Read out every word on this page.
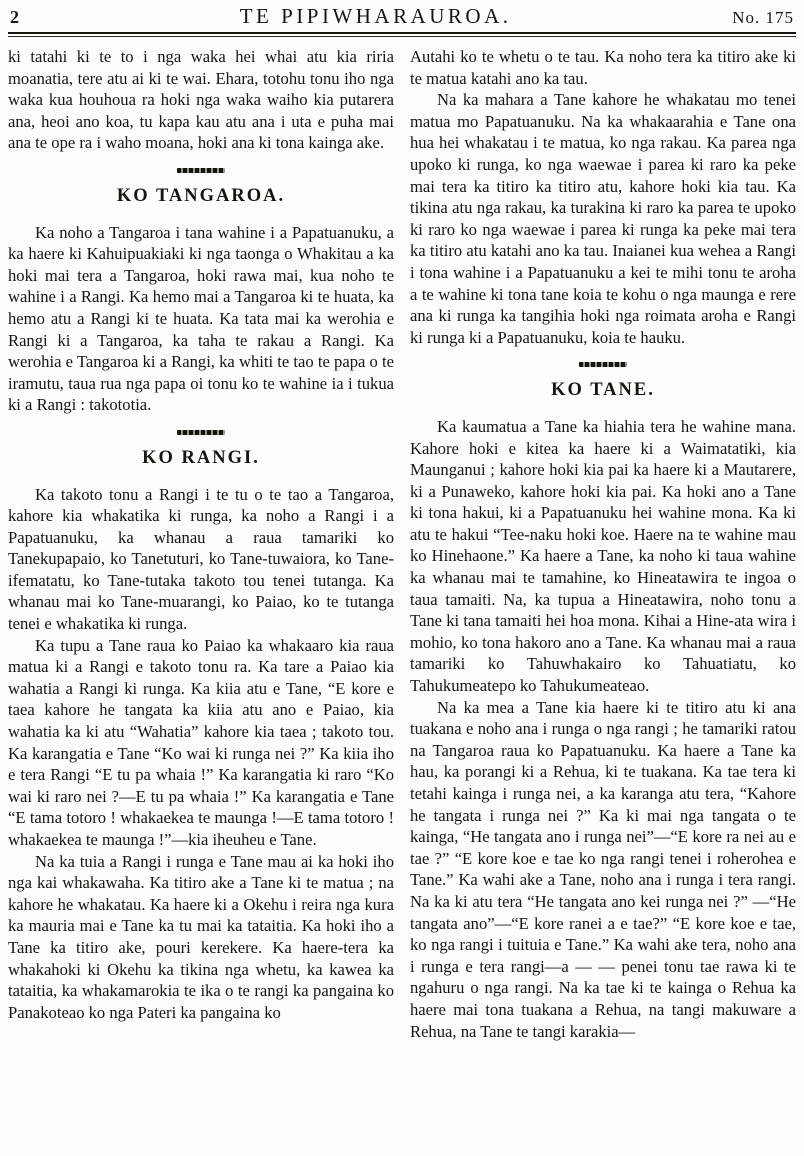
2	TE PIPIWHARAUROA.	No. 175

ki tatahi ki te to i nga waka hei whai atu kia riria moanatia, tere atu ai ki te wai. Ehara, totohu tonu iho nga waka kua houhoua ra hoki nga waka waiho kia putarera ana, heoi ano koa, tu kapa kau atu ana i uta e puha mai ana te ope ra i waho moana, hoki ana ki tona kainga ake.

KO TANGAROA.

Ka noho a Tangaroa i tana wahine i a Papatuanuku, a ka haere ki Kahuipuakiaki ki nga taonga o Whakitau a ka hoki mai tera a Tangaroa, hoki rawa mai, kua noho te wahine i a Rangi. Ka hemo mai a Tangaroa ki te huata, ka hemo atu a Rangi ki te huata. Ka tata mai ka werohia e Rangi ki a Tangaroa, ka taha te rakau a Rangi. Ka werohia e Tangaroa ki a Rangi, ka whiti te tao te papa o te iramutu, taua rua nga papa oi tonu ko te wahine ia i tukua ki a Rangi : takototia.

KO RANGI.

Ka takoto tonu a Rangi i te tu o te tao a Tangaroa, kahore kia whakatika ki runga, ka noho a Rangi i a Papatuanuku, ka whanau a raua tamariki ko Tanekupapaio, ko Tanetuturi, ko Tane-tuwaiora, ko Tane-ifematatu, ko Tane-tutaka takoto tou tenei tutanga. Ka whanau mai ko Tane-muarangi, ko Paiao, ko te tutanga tenei e whakatika ki runga.

Ka tupu a Tane raua ko Paiao ka whakaaro kia raua matua ki a Rangi e takoto tonu ra. Ka tare a Paiao kia wahatia a Rangi ki runga. Ka kiia atu e Tane, “E kore e taea kahore he tangata ka kiia atu ano e Paiao, kia wahatia ka ki atu “Wahatia” kahore kia taea ; takoto tou. Ka karangatia e Tane “Ko wai ki runga nei ?” Ka kiia iho e tera Rangi “E tu pa whaia !” Ka karangatia ki raro “Ko wai ki raro nei ?—E tu pa whaia !” Ka karangatia e Tane “E tama totoro ! whakaekea te maunga !—E tama totoro ! whakaekea te maunga !”—kia iheuheu e Tane.

Na ka tuia a Rangi i runga e Tane mau ai ka hoki iho nga kai whakawaha. Ka titiro ake a Tane ki te matua ; na kahore he whakatau. Ka haere ki a Okehu i reira nga kura ka mauria mai e Tane ka tu mai ka tataitia. Ka hoki iho a Tane ka titiro ake, pouri kerekere. Ka haere-tera ka whakahoki ki Okehu ka tikina nga whetu, ka kawea ka tataitia, ka whakamarokia te ika o te rangi ka pangaina ko Panakoteao ko nga Pateri ka pangaina ko

Autahi ko te whetu o te tau. Ka noho tera ka titiro ake ki te matua katahi ano ka tau.

Na ka mahara a Tane kahore he whakatau mo tenei matua mo Papatuanuku. Na ka whakaarahia e Tane ona hua hei whakatau i te matua, ko nga rakau. Ka parea nga upoko ki runga, ko nga waewae i parea ki raro ka peke mai tera ka titiro ka titiro atu, kahore hoki kia tau. Ka tikina atu nga rakau, ka turakina ki raro ka parea te upoko ki raro ko nga waewae i parea ki runga ka peke mai tera ka titiro atu katahi ano ka tau. Inaianei kua wehea a Rangi i tona wahine i a Papatuanuku a kei te mihi tonu te aroha a te wahine ki tona tane koia te kohu o nga maunga e rere ana ki runga ka tangihia hoki nga roimata aroha e Rangi ki runga ki a Papatuanuku, koia te hauku.

KO TANE.

Ka kaumatua a Tane ka hiahia tera he wahine mana. Kahore hoki e kitea ka haere ki a Waimatatiki, kia Maunganui ; kahore hoki kia pai ka haere ki a Mautarere, ki a Punaweko, kahore hoki kia pai. Ka hoki ano a Tane ki tona hakui, ki a Papatuanuku hei wahine mona. Ka ki atu te hakui “Tee-naku hoki koe. Haere na te wahine mau ko Hinehaone.” Ka haere a Tane, ka noho ki taua wahine ka whanau mai te tamahine, ko Hineatawira te ingoa o taua tamaiti. Na, ka tupua a Hineatawira, noho tonu a Tane ki tana tamaiti hei hoa mona. Kihai a Hine-ata wira i mohio, ko tona hakoro ano a Tane. Ka whanau mai a raua tamariki ko Tahuwhakairo ko Tahuatiatu, ko Tahukumeatepo ko Tahukumeateao.

Na ka mea a Tane kia haere ki te titiro atu ki ana tuakana e noho ana i runga o nga rangi ; he tamariki ratou na Tangaroa raua ko Papatuanuku. Ka haere a Tane ka hau, ka porangi ki a Rehua, ki te tuakana. Ka tae tera ki tetahi kainga i runga nei, a ka karanga atu tera, “Kahore he tangata i runga nei ?” Ka ki mai nga tangata o te kainga, “He tangata ano i runga nei”—“E kore ra nei au e tae ?” “E kore koe e tae ko nga rangi tenei i roherohea e Tane.” Ka wahi ake a Tane, noho ana i runga i tera rangi. Na ka ki atu tera “He tangata ano kei runga nei ?” —“He tangata ano”—“E kore ranei a e tae?” “E kore koe e tae, ko nga rangi i tuituia e Tane.” Ka wahi ake tera, noho ana i runga e tera rangi—a — — penei tonu tae rawa ki te ngahuru o nga rangi. Na ka tae ki te kainga o Rehua ka haere mai tona tuakana a Rehua, na tangi makuware a Rehua, na Tane te tangi karakia—
